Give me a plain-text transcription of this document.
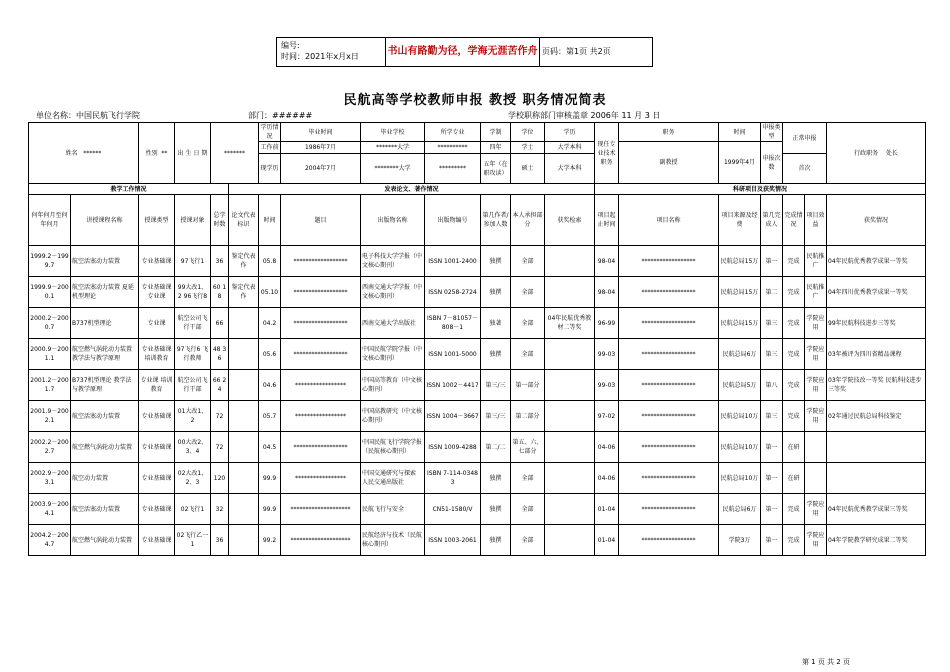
编号:
时间：2021年x月x日	书山有路勤为径，学海无涯苦作舟 页码：第1页 共2页
民航高等学校教师申报 教授 职务情况简表
单位名称：中国民航飞行学院	部门：######	学校职称部门审核盖章 2006年 11 月 3 日
姓名 ******		性别 **	出 生 日 期	*******		学历情况	毕业时间	毕业学校	所学专业	学制	学位	学历	现任专业技术职务	职务	时间	申报类型	正常申报		行政职务 处长
						工作前	1986年7月	*******大学	**********	四年	学士	大学本科		副教授	1999年4月	申报次数			
						现学历	2004年7月	********大学	*********	五年（在职攻读）	硕士	大学本科					首次		
教学工作情况					发表论文、著作情况								科研项目及获奖情况						
何年何月至何年何月	讲授课程名称	授课类型	授课对象	总学时数	论文代表标识	时间	题目	出版物名称	出版物编号	第几作者/参加人数	本人承担部分	获奖检索	项目起止时间	项目名称	项目来源及经费	第几完成人	完成情况	项目效益	获奖情况
1999.2－1999.7	航空活塞动力装置	专业基础课	97飞行1	36	鉴定代表作	05.8	******************	电子科技大学学报（中文核心期刊）	ISSN 1001-2400	独撰	全部		98-04	******************	民航总局15万	第一	完成	民航推广	04年民航优秀教学成果一等奖
1999.9－2000.1	航空活塞动力装置 夏延机型理论	专业基础课 专业课	99大改1、2 96飞行8	60 18	鉴定代表作	05.10	******************	西南交通大学学报（中文核心期刊）	ISSN 0258-2724	独撰	全部		98-04	******************	民航总局15万	第二	完成	民航推广	04年四川优秀教学成果一等奖
2000.2－2000.7	B737机型理论	专业课	航空公司飞行干部	66		04.2	******************	西南交通大学出版社	ISBN 7－81057－808－1	独著	全部	04年民航优秀教材二等奖	96-99	******************	民航总局15万	第三	完成	学院应用	99年民航科技进步三等奖
2000.9－2001.1	航空燃气涡轮动力装置 教学法与教学原理	专业基础课 培训教育	97飞行6 飞行教师	48 36		05.6	******************	中国民航学院学报（中文核心期刊）	ISSN 1001-5000	独撰	全部		99-03	******************	民航总局6万	第三	完成	学院应用	03年被评为四川省精品课程
2001.2－2001.7	B737机型理论 教学法与教学原理	专业课 培训教育	航空公司飞行干部	66 24		04.6	*****************	中国高等教育（中文核心期刊）	ISSN 1002－4417	第三/三	第一部分		99-03	******************	民航总局5万	第八	完成	学院应用	03年学院技改一等奖 民航科技进步三等奖
2001.9－2002.1	航空活塞动力装置	专业基础课	01大改1、2	72		05.7	*****************	中国高教研究（中文核心期刊）	ISSN 1004－3667	第三/三	第二部分		97-02	******************	民航总局10万	第三	完成	学院应用	02年通过民航总局科技鉴定
2002.2－2002.7	航空燃气涡轮动力装置	专业基础课	00大改2、3、4	72		04.5	******************	中国民航飞行学院学报（民航核心期刊）	ISSN 1009-4288	第二/二	第五、六、七部分		04-06	******************	民航总局10万	第一	在研		
2002.9－2003.1	航空动力装置	专业基础课	02大改1、2、3	120		99.9	*****************	中国交通研究与探索 人民交通出版社	ISBN 7-114-03483	独撰	全部		04-06	******************	民航总局10万	第一	在研		
2003.9－2004.1	航空活塞动力装置	专业基础课	02飞行1	32		99.9	********************	民航飞行与安全	CN51-1580/V	独撰	全部		01-04	******************	民航总局6万	第一	完成	学院应用	04年民航优秀教学成果三等奖
2004.2－2004.7	航空燃气涡轮动力装置	专业基础课	02飞行乙一1	36		99.2	********************	民航经济与技术（民航核心期刊）	ISSN 1003-2061	独撰	全部		01-04	******************	学院3万	第一	完成	学院应用	04年学院教学研究成果二等奖
第 1 页 共 2 页
